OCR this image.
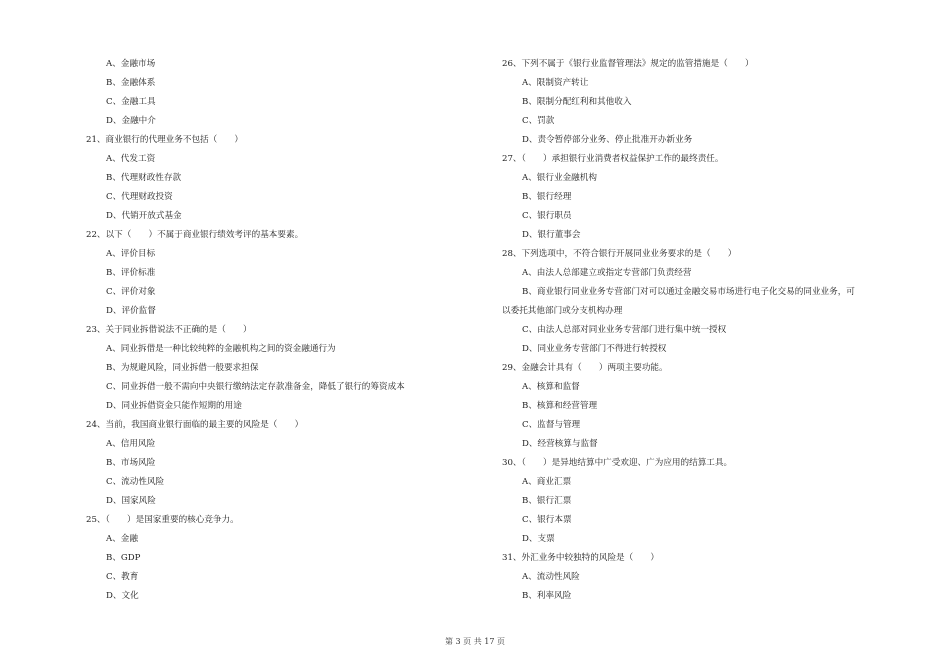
A、金融市场
B、金融体系
C、金融工具
D、金融中介
21、商业银行的代理业务不包括（　　）
A、代发工资
B、代理财政性存款
C、代理财政投资
D、代销开放式基金
22、以下（　　）不属于商业银行绩效考评的基本要素。
A、评价目标
B、评价标准
C、评价对象
D、评价监督
23、关于同业拆借说法不正确的是（　　）
A、同业拆借是一种比较纯粹的金融机构之间的资金融通行为
B、为规避风险，同业拆借一般要求担保
C、同业拆借一般不需向中央银行缴纳法定存款准备金，降低了银行的筹资成本
D、同业拆借资金只能作短期的用途
24、当前，我国商业银行面临的最主要的风险是（　　）
A、信用风险
B、市场风险
C、流动性风险
D、国家风险
25、（　　）是国家重要的核心竞争力。
A、金融
B、GDP
C、教育
D、文化
26、下列不属于《银行业监督管理法》规定的监管措施是（　　）
A、限制资产转让
B、限制分配红利和其他收入
C、罚款
D、责令暂停部分业务、停止批准开办新业务
27、（　　）承担银行业消费者权益保护工作的最终责任。
A、银行业金融机构
B、银行经理
C、银行职员
D、银行董事会
28、下列选项中，不符合银行开展同业业务要求的是（　　）
A、由法人总部建立或指定专营部门负责经营
B、商业银行同业业务专营部门对可以通过金融交易市场进行电子化交易的同业业务，可
以委托其他部门或分支机构办理
C、由法人总部对同业业务专营部门进行集中统一授权
D、同业业务专营部门不得进行转授权
29、金融会计具有（　　）两项主要功能。
A、核算和监督
B、核算和经营管理
C、监督与管理
D、经营核算与监督
30、（　　）是异地结算中广受欢迎、广为应用的结算工具。
A、商业汇票
B、银行汇票
C、银行本票
D、支票
31、外汇业务中较独特的风险是（　　）
A、流动性风险
B、利率风险
第 3 页 共 17 页
